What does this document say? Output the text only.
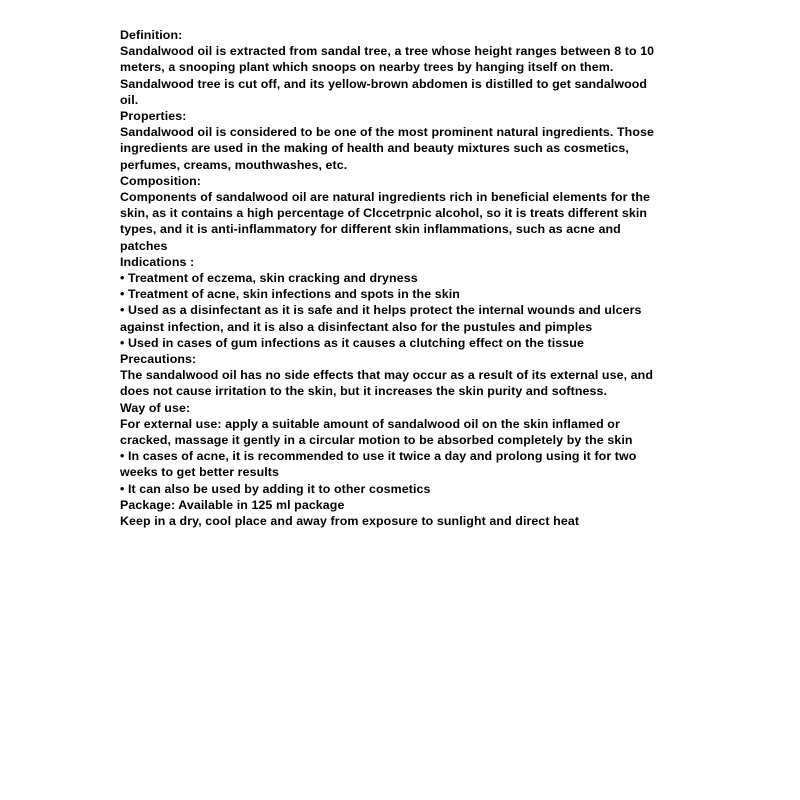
Definition:

Sandalwood oil is extracted from sandal tree, a tree whose height ranges between 8 to 10 meters, a snooping plant which snoops on nearby trees by hanging itself on them. Sandalwood tree is cut off, and its yellow-brown abdomen is distilled to get sandalwood oil.

Properties:

Sandalwood oil is considered to be one of the most prominent natural ingredients. Those ingredients are used in the making of health and beauty mixtures such as cosmetics, perfumes, creams, mouthwashes, etc.

Composition:

Components of sandalwood oil are natural ingredients rich in beneficial elements for the skin, as it contains a high percentage of Clccetrpnic alcohol, so it is treats different skin types, and it is anti-inflammatory for different skin inflammations, such as acne and patches

Indications :
• Treatment of eczema, skin cracking and dryness
• Treatment of acne, skin infections and spots in the skin
• Used as a disinfectant as it is safe and it helps protect the internal wounds and ulcers against infection, and it is also a disinfectant also for the pustules and pimples
• Used in cases of gum infections as it causes a clutching effect on the tissue
Precautions:

The sandalwood oil has no side effects that may occur as a result of its external use, and does not cause irritation to the skin, but it increases the skin purity and softness.

Way of use:

For external use: apply a suitable amount of sandalwood oil on the skin inflamed or cracked, massage it gently in a circular motion to be absorbed completely by the skin

• In cases of acne, it is recommended to use it twice a day and prolong using it for two weeks to get better results
• It can also be used by adding it to other cosmetics

Package: Available in 125 ml package

Keep in a dry, cool place and away from exposure to sunlight and direct heat
